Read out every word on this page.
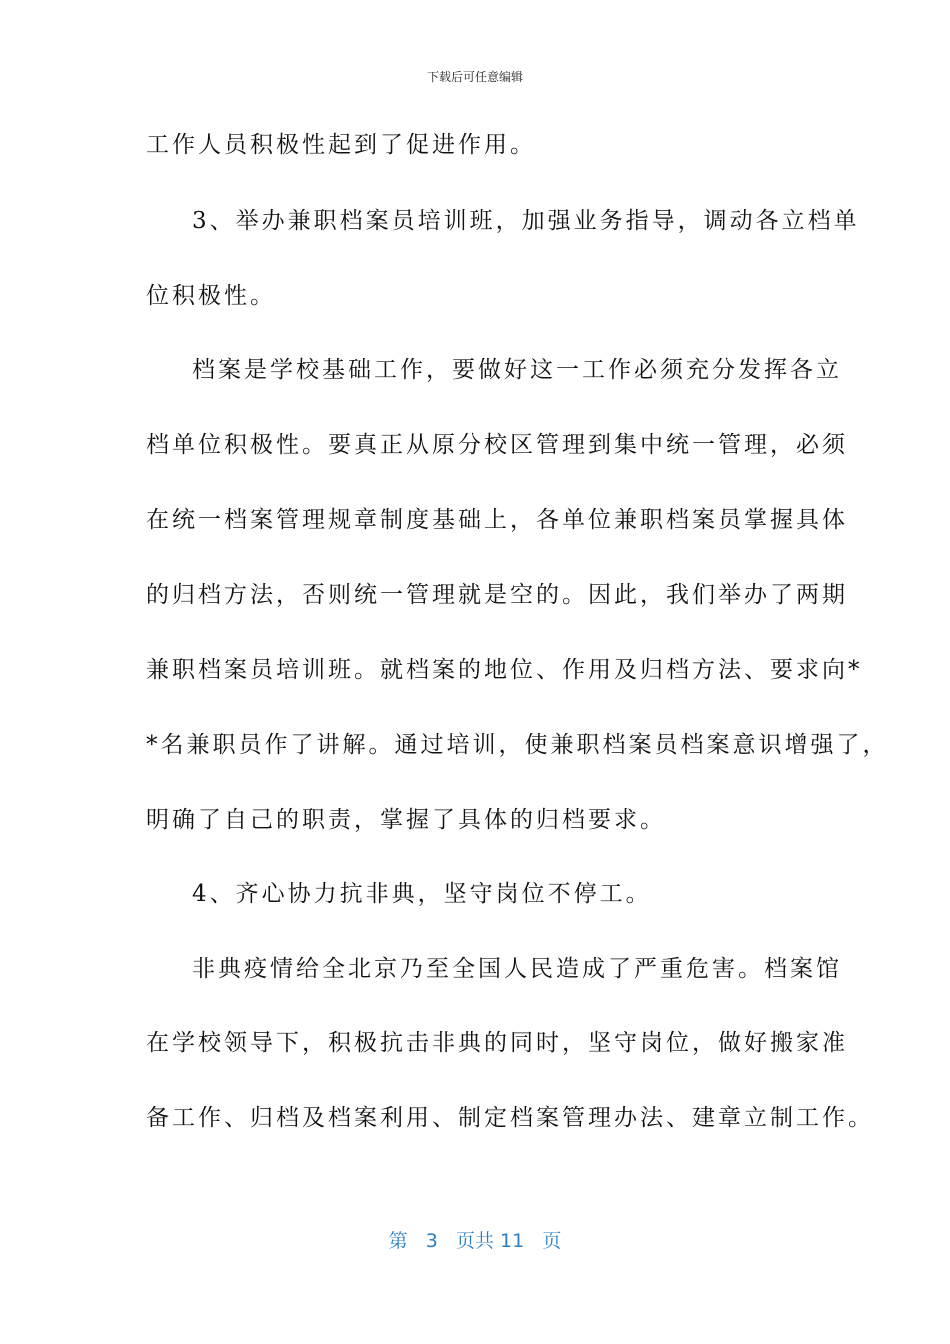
下载后可任意编辑
工作人员积极性起到了促进作用。
3、举办兼职档案员培训班，加强业务指导，调动各立档单
位积极性。
档案是学校基础工作，要做好这一工作必须充分发挥各立
档单位积极性。要真正从原分校区管理到集中统一管理，必须
在统一档案管理规章制度基础上，各单位兼职档案员掌握具体
的归档方法，否则统一管理就是空的。因此，我们举办了两期
兼职档案员培训班。就档案的地位、作用及归档方法、要求向*
*名兼职员作了讲解。通过培训，使兼职档案员档案意识增强了，
明确了自己的职责，掌握了具体的归档要求。
4、齐心协力抗非典，坚守岗位不停工。
非典疫情给全北京乃至全国人民造成了严重危害。档案馆
在学校领导下，积极抗击非典的同时，坚守岗位，做好搬家准
备工作、归档及档案利用、制定档案管理办法、建章立制工作。
第 3 页共 11 页
